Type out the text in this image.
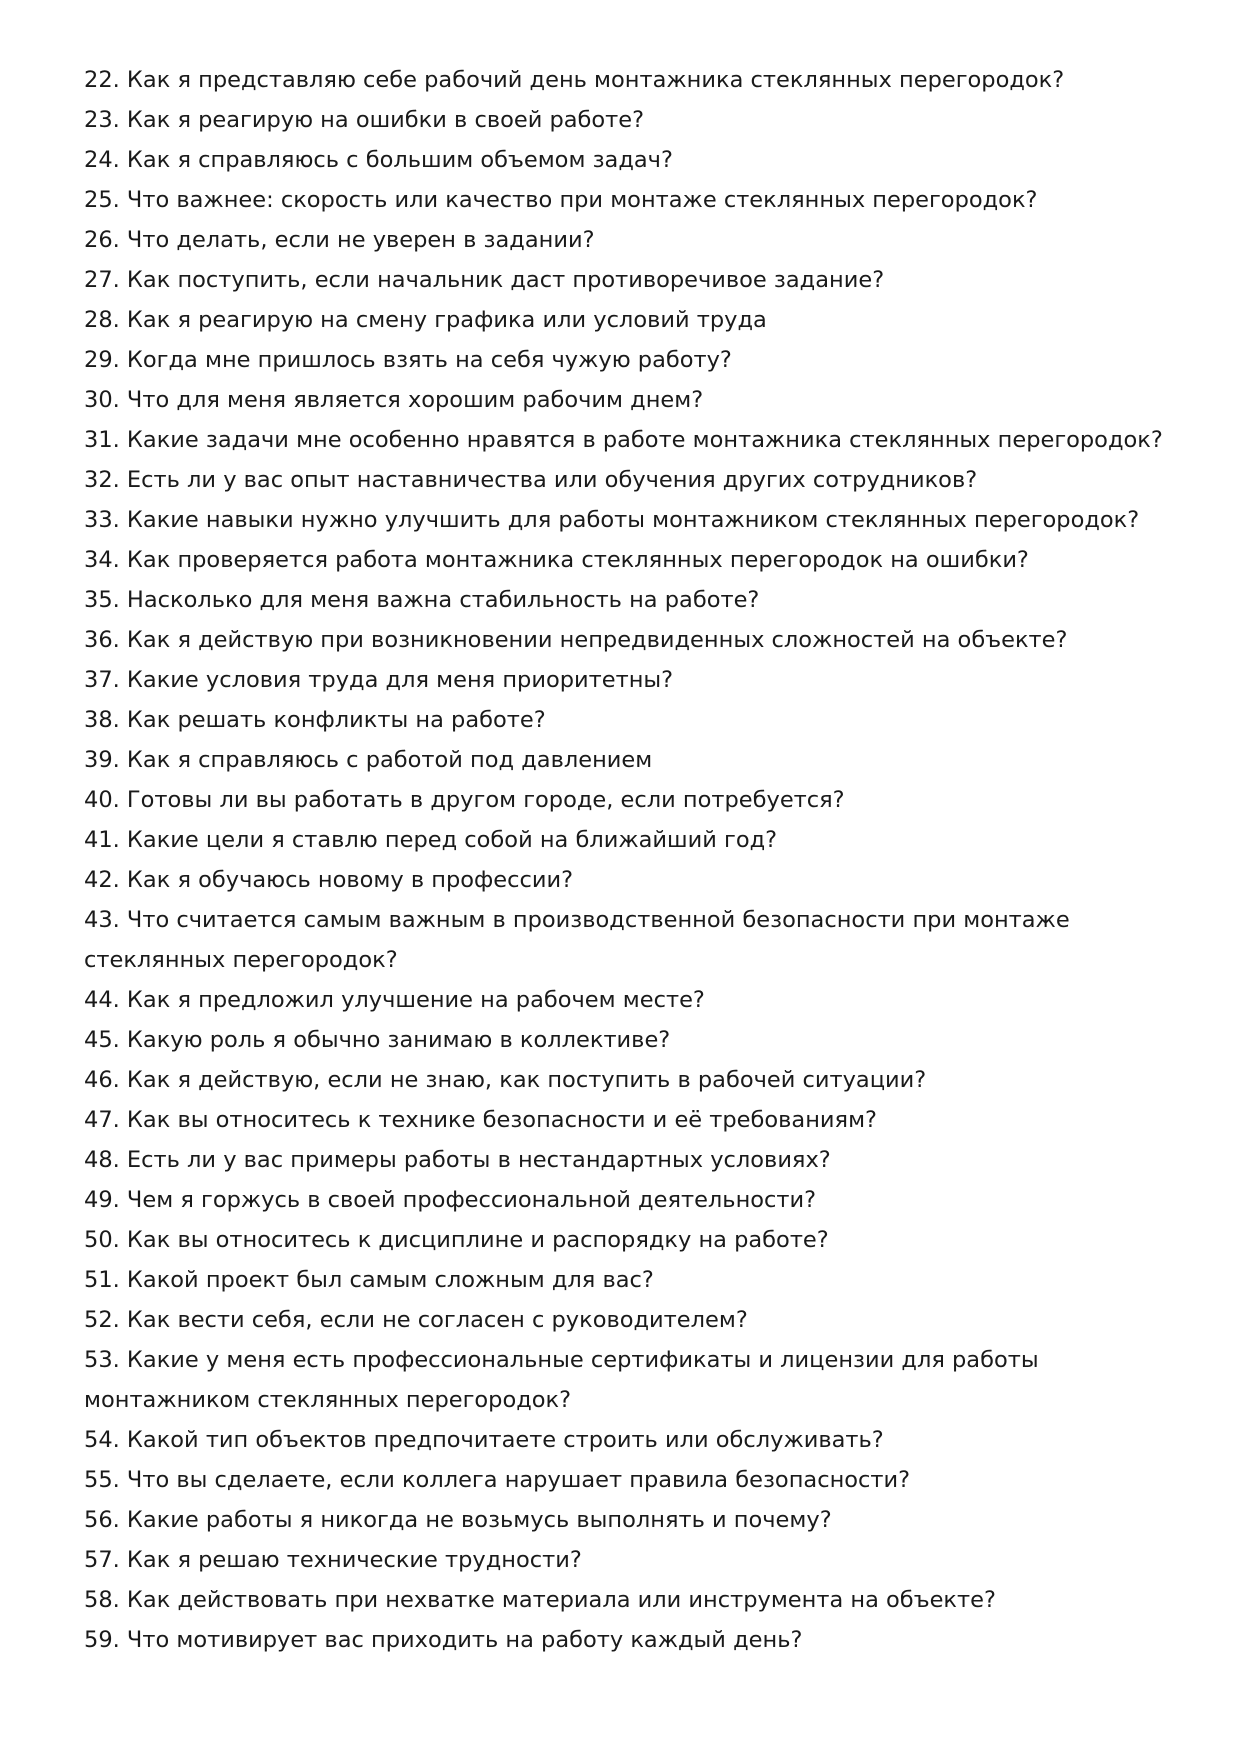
22. Как я представляю себе рабочий день монтажника стеклянных перегородок?

23. Как я реагирую на ошибки в своей работе?

24. Как я справляюсь с большим объемом задач?

25. Что важнее: скорость или качество при монтаже стеклянных перегородок?

26. Что делать, если не уверен в задании?

27. Как поступить, если начальник даст противоречивое задание?

28. Как я реагирую на смену графика или условий труда

29. Когда мне пришлось взять на себя чужую работу?

30. Что для меня является хорошим рабочим днем?

31. Какие задачи мне особенно нравятся в работе монтажника стеклянных перегородок?

32. Есть ли у вас опыт наставничества или обучения других сотрудников?

33. Какие навыки нужно улучшить для работы монтажником стеклянных перегородок?

34. Как проверяется работа монтажника стеклянных перегородок на ошибки?

35. Насколько для меня важна стабильность на работе?

36. Как я действую при возникновении непредвиденных сложностей на объекте?

37. Какие условия труда для меня приоритетны?

38. Как решать конфликты на работе?

39. Как я справляюсь с работой под давлением

40. Готовы ли вы работать в другом городе, если потребуется?

41. Какие цели я ставлю перед собой на ближайший год?

42. Как я обучаюсь новому в профессии?

43. Что считается самым важным в производственной безопасности при монтаже
стеклянных перегородок?

44. Как я предложил улучшение на рабочем месте?

45. Какую роль я обычно занимаю в коллективе?

46. Как я действую, если не знаю, как поступить в рабочей ситуации?

47. Как вы относитесь к технике безопасности и её требованиям?

48. Есть ли у вас примеры работы в нестандартных условиях?

49. Чем я горжусь в своей профессиональной деятельности?

50. Как вы относитесь к дисциплине и распорядку на работе?

51. Какой проект был самым сложным для вас?

52. Как вести себя, если не согласен с руководителем?

53. Какие у меня есть профессиональные сертификаты и лицензии для работы
монтажником стеклянных перегородок?

54. Какой тип объектов предпочитаете строить или обслуживать?

55. Что вы сделаете, если коллега нарушает правила безопасности?

56. Какие работы я никогда не возьмусь выполнять и почему?

57. Как я решаю технические трудности?

58. Как действовать при нехватке материала или инструмента на объекте?

59. Что мотивирует вас приходить на работу каждый день?
